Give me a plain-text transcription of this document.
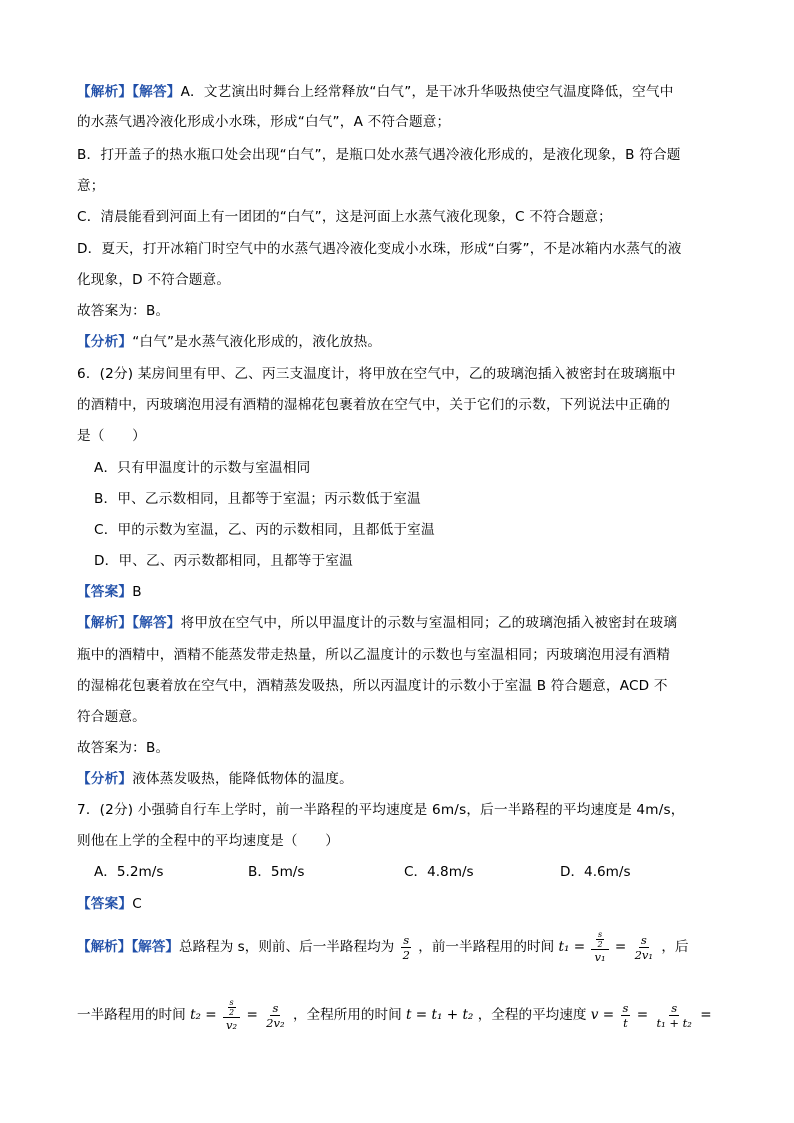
【解析】【解答】A．文艺演出时舞台上经常释放“白气”，是干冰升华吸热使空气温度降低，空气中
的水蒸气遇冷液化形成小水珠，形成“白气”，A 不符合题意；
B．打开盖子的热水瓶口处会出现“白气”，是瓶口处水蒸气遇冷液化形成的，是液化现象，B 符合题
意；
C．清晨能看到河面上有一团团的“白气”，这是河面上水蒸气液化现象，C 不符合题意；
D．夏天，打开冰箱门时空气中的水蒸气遇冷液化变成小水珠，形成“白雾”，不是冰箱内水蒸气的液
化现象，D 不符合题意。
故答案为：B。
【分析】“白气”是水蒸气液化形成的，液化放热。
6．(2分) 某房间里有甲、乙、丙三支温度计，将甲放在空气中，乙的玻璃泡插入被密封在玻璃瓶中
的酒精中，丙玻璃泡用浸有酒精的湿棉花包裹着放在空气中，关于它们的示数，下列说法中正确的
是（　　）
A．只有甲温度计的示数与室温相同
B．甲、乙示数相同，且都等于室温；丙示数低于室温
C．甲的示数为室温，乙、丙的示数相同，且都低于室温
D．甲、乙、丙示数都相同，且都等于室温
【答案】B
【解析】【解答】将甲放在空气中，所以甲温度计的示数与室温相同；乙的玻璃泡插入被密封在玻璃
瓶中的酒精中，酒精不能蒸发带走热量，所以乙温度计的示数也与室温相同；丙玻璃泡用浸有酒精
的湿棉花包裹着放在空气中，酒精蒸发吸热，所以丙温度计的示数小于室温 B 符合题意，ACD 不
符合题意。
故答案为：B。
【分析】液体蒸发吸热，能降低物体的温度。
7．(2分) 小强骑自行车上学时，前一半路程的平均速度是 6m/s，后一半路程的平均速度是 4m/s，
则他在上学的全程中的平均速度是（　　）
A．5.2m/s	B．5m/s	C．4.8m/s	D．4.6m/s
【答案】C
【解析】【解答】总路程为 s，则前、后一半路程均为 $\frac{s}{2}$ ，前一半路程用的时间 $t_1 = \frac{\frac{s}{2}}{\text{v₁}} = \frac{s}{\text{2v₁}}$ ，后
一半路程用的时间 $t_2 = \frac{\frac{s}{2}}{\text{v₂}} = \frac{s}{\text{2v₂}}$ ，全程所用的时间 t = t₁ + t₂ ，全程的平均速度 $v = \frac{s}{t} = \frac{s}{\text{t₁ + t₂}}$ =
